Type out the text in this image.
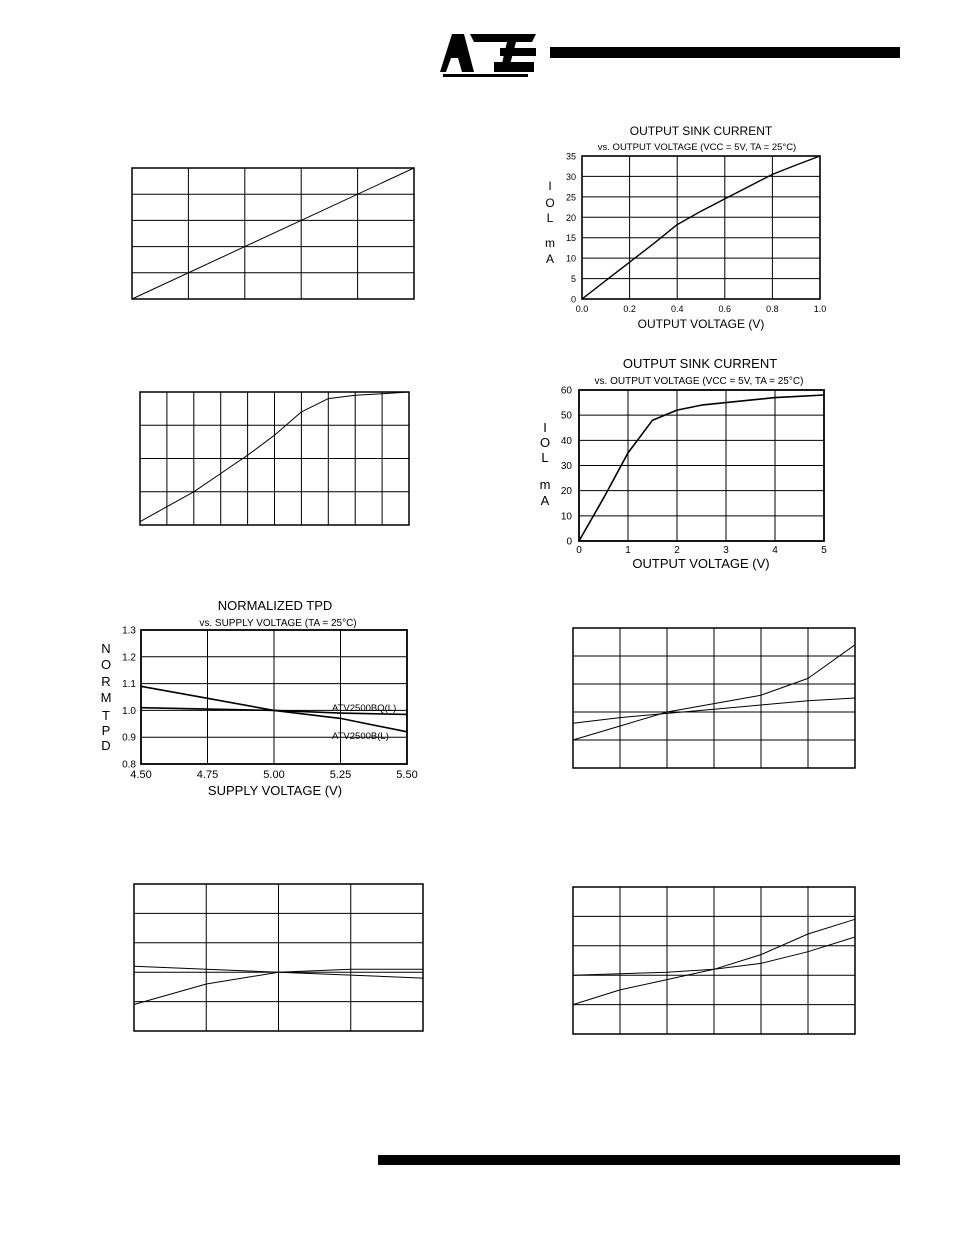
NORMALIZED TPD
vs. SUPPLY VOLTAGE (TA = 25°C)
4.50	4.75	5.00	5.25	5.50
0.8
0.9
1.0
1.1
1.2
1.3
SUPPLY VOLTAGE (V)
N
O
R
M
T
P
D
ATV2500BQ(L)
ATV2500B(L)
OUTPUT SINK CURRENT
vs. OUTPUT VOLTAGE (VCC = 5V, TA = 25°C)
0.0	0.2	0.4	0.6	0.8	1.0
0
5
10
15
20
25
30
35
OUTPUT VOLTAGE (V)
I
O
L
m
A
OUTPUT SINK CURRENT
vs. OUTPUT VOLTAGE (VCC = 5V, TA = 25°C)
0	1	2	3	4	5
0
10
20
30
40
50
60
OUTPUT VOLTAGE (V)
I
O
L
m
A
